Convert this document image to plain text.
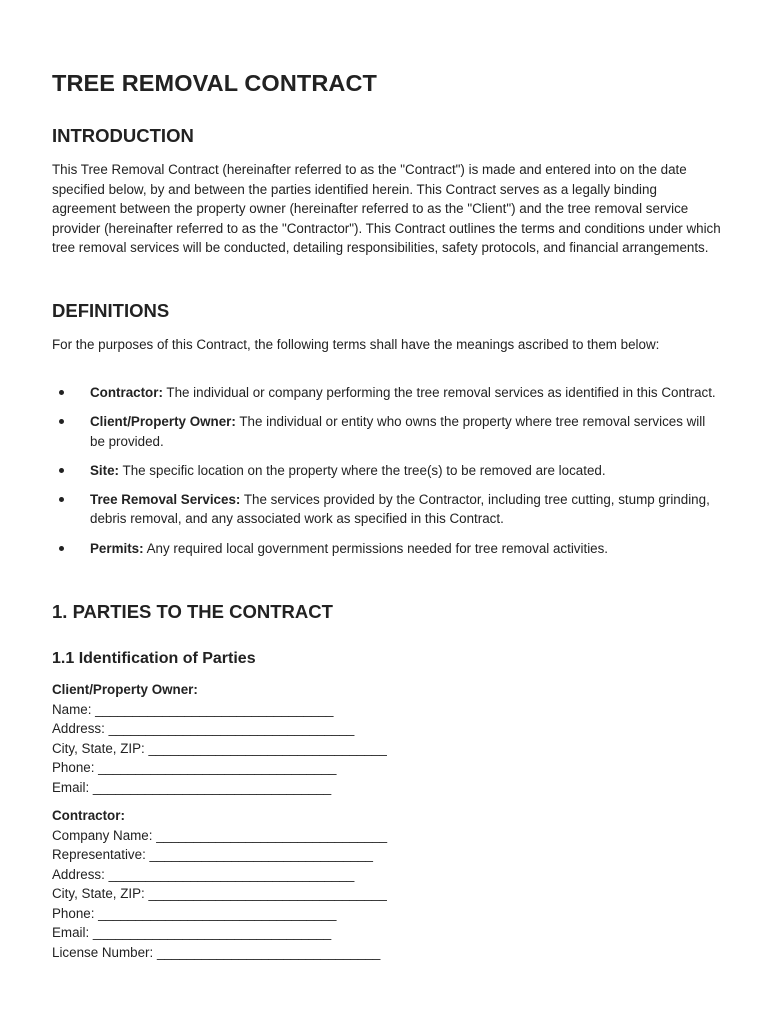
TREE REMOVAL CONTRACT
INTRODUCTION

This Tree Removal Contract (hereinafter referred to as the "Contract") is made and entered into on the date specified below, by and between the parties identified herein. This Contract serves as a legally binding agreement between the property owner (hereinafter referred to as the "Client") and the tree removal service provider (hereinafter referred to as the "Contractor"). This Contract outlines the terms and conditions under which tree removal services will be conducted, detailing responsibilities, safety protocols, and financial arrangements.

DEFINITIONS

For the purposes of this Contract, the following terms shall have the meanings ascribed to them below:

Contractor: The individual or company performing the tree removal services as identified in this Contract.
Client/Property Owner: The individual or entity who owns the property where tree removal services will be provided.
Site: The specific location on the property where the tree(s) to be removed are located.
Tree Removal Services: The services provided by the Contractor, including tree cutting, stump grinding, debris removal, and any associated work as specified in this Contract.
Permits: Any required local government permissions needed for tree removal activities.
1. PARTIES TO THE CONTRACT
1.1 Identification of Parties
Client/Property Owner:
Name: ________________________________
Address: _________________________________
City, State, ZIP: ________________________________
Phone: ________________________________
Email: ________________________________
Contractor:
Company Name: _______________________________
Representative: ______________________________
Address: _________________________________
City, State, ZIP: ________________________________
Phone: ________________________________
Email: ________________________________
License Number: ______________________________
